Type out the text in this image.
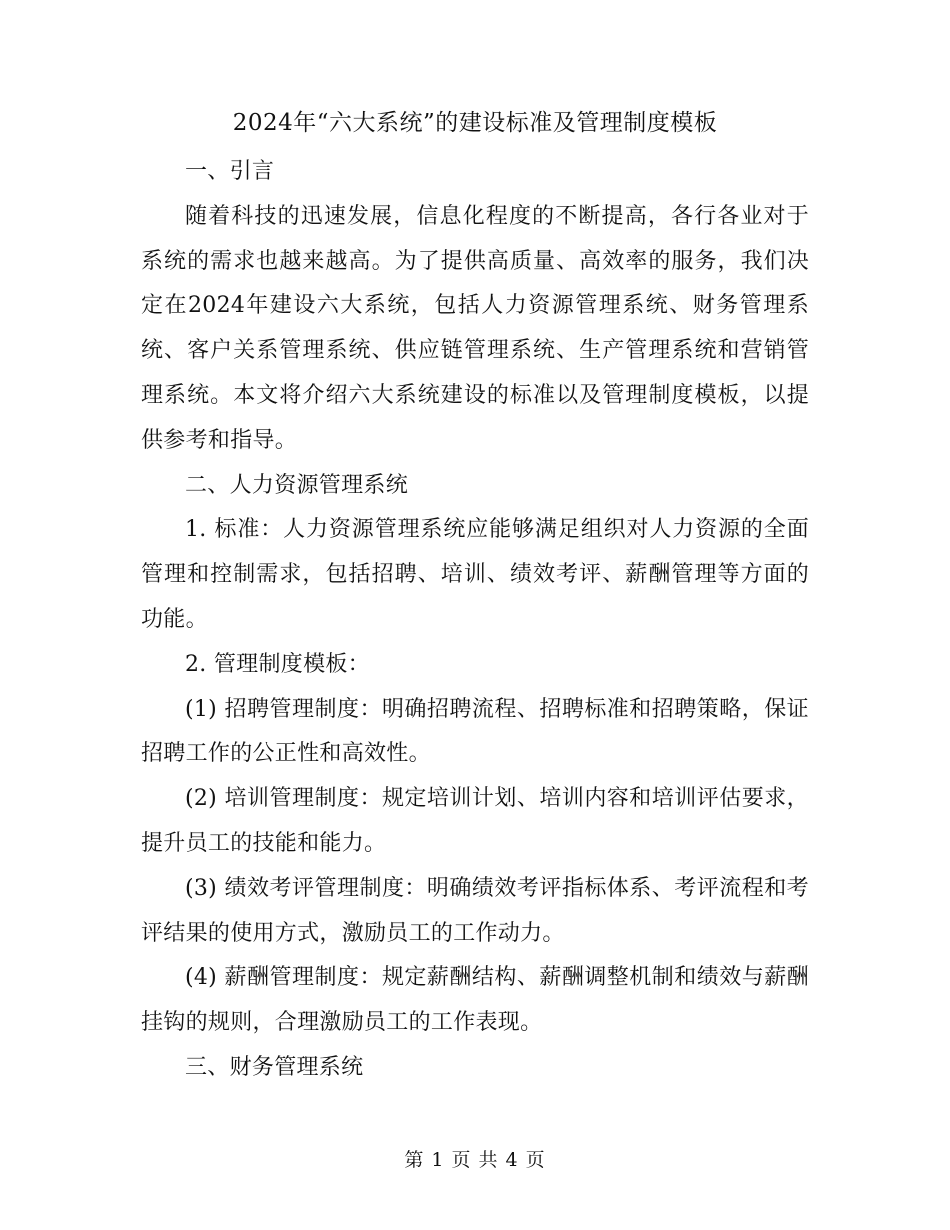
2024年“六大系统”的建设标准及管理制度模板

一、引言

随着科技的迅速发展，信息化程度的不断提高，各行各业对于系统的需求也越来越高。为了提供高质量、高效率的服务，我们决定在2024年建设六大系统，包括人力资源管理系统、财务管理系统、客户关系管理系统、供应链管理系统、生产管理系统和营销管理系统。本文将介绍六大系统建设的标准以及管理制度模板，以提供参考和指导。

二、人力资源管理系统

1. 标准：人力资源管理系统应能够满足组织对人力资源的全面管理和控制需求，包括招聘、培训、绩效考评、薪酬管理等方面的功能。

2. 管理制度模板：

(1) 招聘管理制度：明确招聘流程、招聘标准和招聘策略，保证招聘工作的公正性和高效性。

(2) 培训管理制度：规定培训计划、培训内容和培训评估要求，提升员工的技能和能力。

(3) 绩效考评管理制度：明确绩效考评指标体系、考评流程和考评结果的使用方式，激励员工的工作动力。

(4) 薪酬管理制度：规定薪酬结构、薪酬调整机制和绩效与薪酬挂钩的规则，合理激励员工的工作表现。

三、财务管理系统

第 1 页 共 4 页
